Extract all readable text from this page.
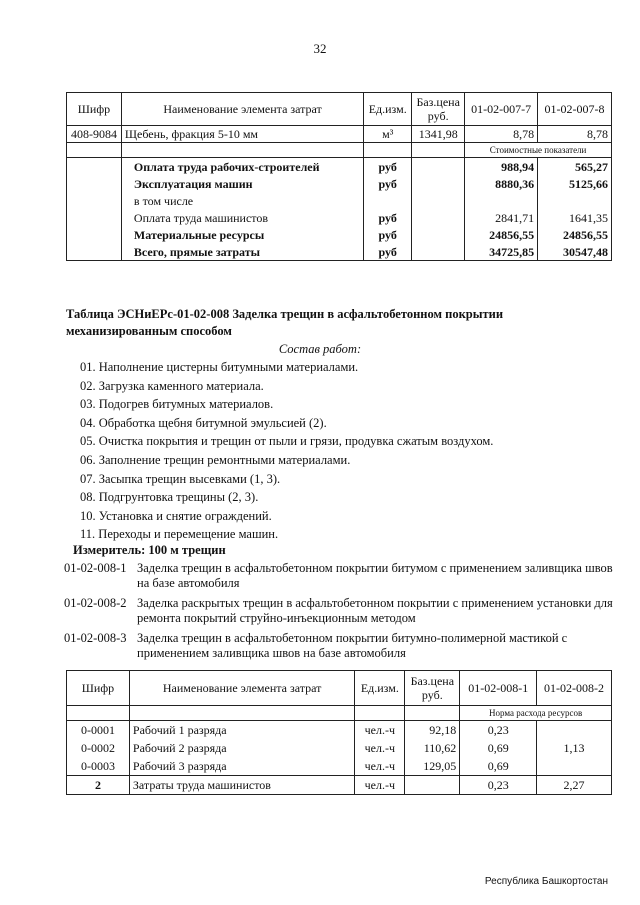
32
Шифр	Наименование элемента затрат	Ед.изм.	Баз.цена руб.	01-02-007-7	01-02-007-8
408-9084	Щебень, фракция 5-10 мм	м³	1341,98	8,78	8,78
				Стоимостные показатели	
	Оплата труда рабочих-строителей	руб		988,94	565,27
	Эксплуатация машин	руб		8880,36	5125,66
	в том числе				
	Оплата труда машинистов	руб		2841,71	1641,35
	Материальные ресурсы	руб		24856,55	24856,55
	Всего, прямые затраты	руб		34725,85	30547,48
Таблица ЭСНиЕРс-01-02-008 Заделка трещин в асфальтобетонном покрытии механизированным способом
Состав работ:
01. Наполнение цистерны битумными материалами.
02. Загрузка каменного материала.
03. Подогрев битумных материалов.
04. Обработка щебня битумной эмульсией (2).
05. Очистка покрытия и трещин от пыли и грязи, продувка сжатым воздухом.
06. Заполнение трещин ремонтными материалами.
07. Засыпка трещин высевками (1, 3).
08. Подгрунтовка трещины (2, 3).
10. Установка и снятие ограждений.
11. Переходы и перемещение машин.
Измеритель: 100 м трещин
01-02-008-1 Заделка трещин в асфальтобетонном покрытии битумом с применением заливщика швов на базе автомобиля
01-02-008-2 Заделка раскрытых трещин в асфальтобетонном покрытии с применением установки для ремонта покрытий струйно-инъекционным методом
01-02-008-3 Заделка трещин в асфальтобетонном покрытии битумно-полимерной мастикой с применением заливщика швов на базе автомобиля
Шифр	Наименование элемента затрат	Ед.изм.	Баз.цена руб.	01-02-008-1	01-02-008-2
				Норма расхода ресурсов	
0-0001	Рабочий 1 разряда	чел.-ч	92,18	0,23	1,13
0-0002	Рабочий 2 разряда	чел.-ч	110,62	0,69	
0-0003	Рабочий 3 разряда	чел.-ч	129,05	0,69	
2	Затраты труда машинистов	чел.-ч		0,23	2,27
Республика Башкортостан
